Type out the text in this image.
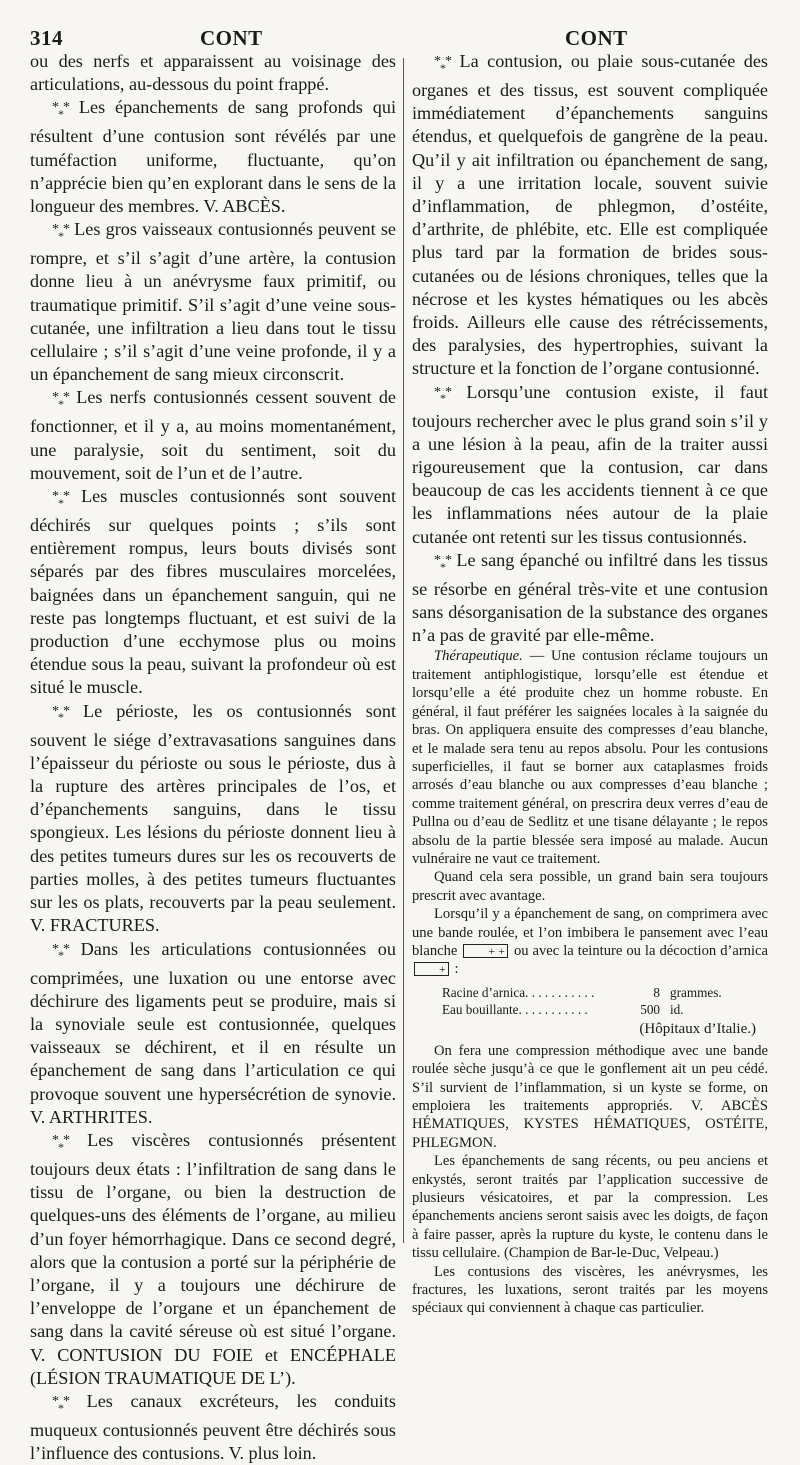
314	CONT	CONT

ou des nerfs et apparaissent au voisinage des articulations, au-dessous du point frappé.

$*_**$ Les épanchements de sang profonds qui résultent d’une contusion sont révélés par une tuméfaction uniforme, fluctuante, qu’on n’apprécie bien qu’en explorant dans le sens de la longueur des membres. V. ABCÈS.

$*_**$ Les gros vaisseaux contusionnés peuvent se rompre, et s’il s’agit d’une artère, la contusion donne lieu à un anévrysme faux primitif, ou traumatique primitif. S’il s’agit d’une veine sous-cutanée, une infiltration a lieu dans tout le tissu cellulaire ; s’il s’agit d’une veine profonde, il y a un épanchement de sang mieux circonscrit.

$*_**$ Les nerfs contusionnés cessent souvent de fonctionner, et il y a, au moins momentanément, une paralysie, soit du sentiment, soit du mouvement, soit de l’un et de l’autre.

$*_**$ Les muscles contusionnés sont souvent déchirés sur quelques points ; s’ils sont entièrement rompus, leurs bouts divisés sont séparés par des fibres musculaires morcelées, baignées dans un épanchement sanguin, qui ne reste pas longtemps fluctuant, et est suivi de la production d’une ecchymose plus ou moins étendue sous la peau, suivant la profondeur où est situé le muscle.

$*_**$ Le périoste, les os contusionnés sont souvent le siége d’extravasations sanguines dans l’épaisseur du périoste ou sous le périoste, dus à la rupture des artères principales de l’os, et d’épanchements sanguins, dans le tissu spongieux. Les lésions du périoste donnent lieu à des petites tumeurs dures sur les os recouverts de parties molles, à des petites tumeurs fluctuantes sur les os plats, recouverts par la peau seulement. V. FRACTURES.

$*_**$ Dans les articulations contusionnées ou comprimées, une luxation ou une entorse avec déchirure des ligaments peut se produire, mais si la synoviale seule est contusionnée, quelques vaisseaux se déchirent, et il en résulte un épanchement de sang dans l’articulation ce qui provoque souvent une hypersécrétion de synovie. V. ARTHRITES.

$*_**$ Les viscères contusionnés présentent toujours deux états : l’infiltration de sang dans le tissu de l’organe, ou bien la destruction de quelques-uns des éléments de l’organe, au milieu d’un foyer hémorrhagique. Dans ce second degré, alors que la contusion a porté sur la périphérie de l’organe, il y a toujours une déchirure de l’enveloppe de l’organe et un épanchement de sang dans la cavité séreuse où est situé l’organe. V. CONTUSION DU FOIE et ENCÉPHALE (LÉSION TRAUMATIQUE DE L’).

$*_**$ Les canaux excréteurs, les conduits muqueux contusionnés peuvent être déchirés sous l’influence des contusions. V. plus loin.

$*_**$ La contusion, ou plaie sous-cutanée des organes et des tissus, est souvent compliquée immédiatement d’épanchements sanguins étendus, et quelquefois de gangrène de la peau. Qu’il y ait infiltration ou épanchement de sang, il y a une irritation locale, souvent suivie d’inflammation, de phlegmon, d’ostéite, d’arthrite, de phlébite, etc. Elle est compliquée plus tard par la formation de brides sous-cutanées ou de lésions chroniques, telles que la nécrose et les kystes hématiques ou les abcès froids. Ailleurs elle cause des rétrécissements, des paralysies, des hypertrophies, suivant la structure et la fonction de l’organe contusionné.

$*_**$ Lorsqu’une contusion existe, il faut toujours rechercher avec le plus grand soin s’il y a une lésion à la peau, afin de la traiter aussi rigoureusement que la contusion, car dans beaucoup de cas les accidents tiennent à ce que les inflammations nées autour de la plaie cutanée ont retenti sur les tissus contusionnés.

$*_**$ Le sang épanché ou infiltré dans les tissus se résorbe en général très-vite et une contusion sans désorganisation de la substance des organes n’a pas de gravité par elle-même.

Thérapeutique. — Une contusion réclame toujours un traitement antiphlogistique, lorsqu’elle est étendue et lorsqu’elle a été produite chez un homme robuste. En général, il faut préférer les saignées locales à la saignée du bras. On appliquera ensuite des compresses d’eau blanche, et le malade sera tenu au repos absolu. Pour les contusions superficielles, il faut se borner aux cataplasmes froids arrosés d’eau blanche ou aux compresses d’eau blanche ; comme traitement général, on prescrira deux verres d’eau de Pullna ou d’eau de Sedlitz et une tisane délayante ; le repos absolu de la partie blessée sera imposé au malade. Aucun vulnéraire ne vaut ce traitement.

Quand cela sera possible, un grand bain sera toujours prescrit avec avantage.

Lorsqu’il y a épanchement de sang, on comprimera avec une bande roulée, et l’on imbibera le pansement avec l’eau blanche	+ + ou avec la teinture ou la décoction d’arnica + :

Racine d’arnica. . . . . . . . . . .	8 grammes.
Eau bouillante. . . . . . . . . . .	500 id.
(Hôpitaux d’Italie.)

On fera une compression méthodique avec une bande roulée sèche jusqu’à ce que le gonflement ait un peu cédé. S’il survient de l’inflammation, si un kyste se forme, on emploiera les traitements appropriés. V. ABCÈS HÉMATIQUES, KYSTES HÉMATIQUES, OSTÉITE, PHLEGMON.

Les épanchements de sang récents, ou peu anciens et enkystés, seront traités par l’application successive de plusieurs vésicatoires, et par la compression. Les épanchements anciens seront saisis avec les doigts, de façon à faire passer, après la rupture du kyste, le contenu dans le tissu cellulaire. (Champion de Bar-le-Duc, Velpeau.)

Les contusions des viscères, les anévrysmes, les fractures, les luxations, seront traités par les moyens spéciaux qui conviennent à chaque cas particulier.
